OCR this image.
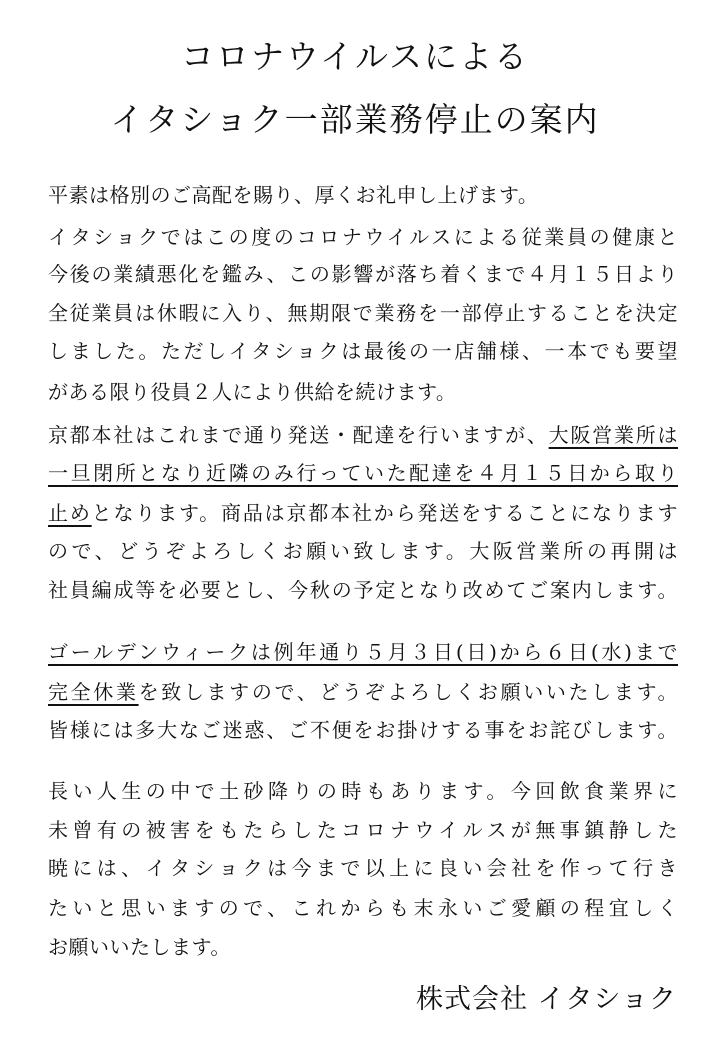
コロナウイルスによる
イタショク一部業務停止の案内
平素は格別のご高配を賜り、厚くお礼申し上げます。
イタショクではこの度のコロナウイルスによる従業員の健康と
今後の業績悪化を鑑み、この影響が落ち着くまで４月１５日より
全従業員は休暇に入り、無期限で業務を一部停止することを決定
しました。ただしイタショクは最後の一店舗様、一本でも要望
がある限り役員２人により供給を続けます。
京都本社はこれまで通り発送・配達を行いますが、大阪営業所は
一旦閉所となり近隣のみ行っていた配達を４月１５日から取り
止めとなります。商品は京都本社から発送をすることになります
ので、どうぞよろしくお願い致します。大阪営業所の再開は
社員編成等を必要とし、今秋の予定となり改めてご案内します。
ゴールデンウィークは例年通り５月３日(日)から６日(水)まで
完全休業を致しますので、どうぞよろしくお願いいたします。
皆様には多大なご迷惑、ご不便をお掛けする事をお詫びします。
長い人生の中で土砂降りの時もあります。今回飲食業界に
未曾有の被害をもたらしたコロナウイルスが無事鎮静した
暁には、イタショクは今まで以上に良い会社を作って行き
たいと思いますので、これからも末永いご愛顧の程宜しく
お願いいたします。
株式会社 イタショク
